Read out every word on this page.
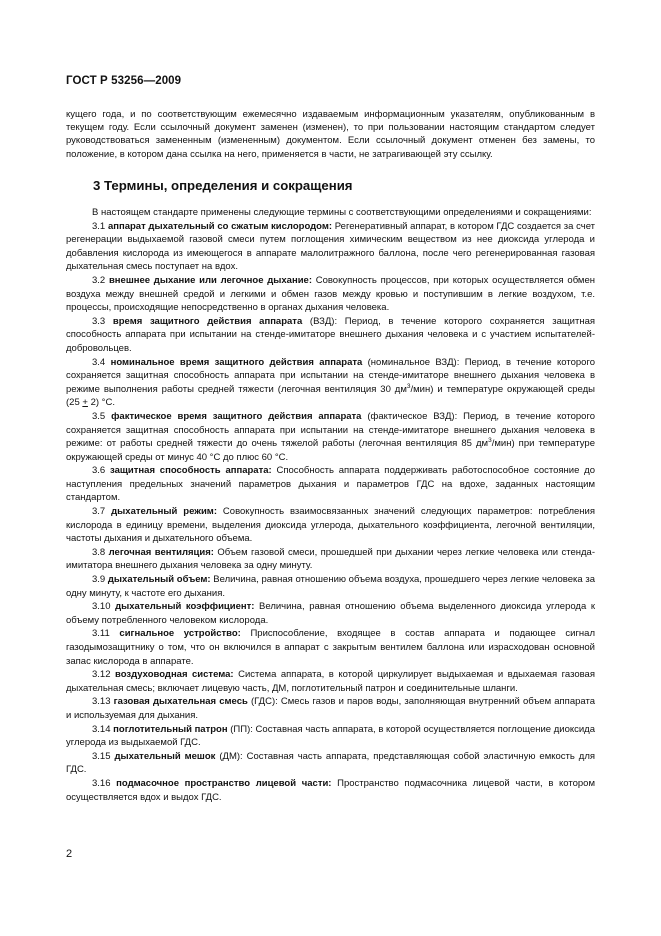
ГОСТ Р 53256—2009

кущего года, и по соответствующим ежемесячно издаваемым информационным указателям, опубликованным в текущем году. Если ссылочный документ заменен (изменен), то при пользовании настоящим стандартом следует руководствоваться замененным (измененным) документом. Если ссылочный документ отменен без замены, то положение, в котором дана ссылка на него, применяется в части, не затрагивающей эту ссылку.

3 Термины, определения и сокращения

В настоящем стандарте применены следующие термины с соответствующими определениями и сокращениями:

3.1 аппарат дыхательный со сжатым кислородом: Регенеративный аппарат, в котором ГДС создается за счет регенерации выдыхаемой газовой смеси путем поглощения химическим веществом из нее диоксида углерода и добавления кислорода из имеющегося в аппарате малолитражного баллона, после чего регенерированная газовая дыхательная смесь поступает на вдох.

3.2 внешнее дыхание или легочное дыхание: Совокупность процессов, при которых осуществляется обмен воздуха между внешней средой и легкими и обмен газов между кровью и поступившим в легкие воздухом, т.е. процессы, происходящие непосредственно в органах дыхания человека.

3.3 время защитного действия аппарата (ВЗД): Период, в течение которого сохраняется защитная способность аппарата при испытании на стенде-имитаторе внешнего дыхания человека и с участием испытателей-добровольцев.

3.4 номинальное время защитного действия аппарата (номинальное ВЗД): Период, в течение которого сохраняется защитная способность аппарата при испытании на стенде-имитаторе внешнего дыхания человека в режиме выполнения работы средней тяжести (легочная вентиляция 30 $дм^3/мин$) и температуре окружающей среды (25 + 2) °С.

3.5 фактическое время защитного действия аппарата (фактическое ВЗД): Период, в течение которого сохраняется защитная способность аппарата при испытании на стенде-имитаторе внешнего дыхания человека в режиме: от работы средней тяжести до очень тяжелой работы (легочная вентиляция 85 $дм^3/мин$) при температуре окружающей среды от минус 40 °С до плюс 60 °С.

3.6 защитная способность аппарата: Способность аппарата поддерживать работоспособное состояние до наступления предельных значений параметров дыхания и параметров ГДС на вдохе, заданных настоящим стандартом.

3.7 дыхательный режим: Совокупность взаимосвязанных значений следующих параметров: потребления кислорода в единицу времени, выделения диоксида углерода, дыхательного коэффициента, легочной вентиляции, частоты дыхания и дыхательного объема.

3.8 легочная вентиляция: Объем газовой смеси, прошедшей при дыхании через легкие человека или стенда-имитатора внешнего дыхания человека за одну минуту.

3.9 дыхательный объем: Величина, равная отношению объема воздуха, прошедшего через легкие человека за одну минуту, к частоте его дыхания.

3.10 дыхательный коэффициент: Величина, равная отношению объема выделенного диоксида углерода к объему потребленного человеком кислорода.

3.11 сигнальное устройство: Приспособление, входящее в состав аппарата и подающее сигнал газодымозащитнику о том, что он включился в аппарат с закрытым вентилем баллона или израсходован основной запас кислорода в аппарате.

3.12 воздуховодная система: Система аппарата, в которой циркулирует выдыхаемая и вдыхаемая газовая дыхательная смесь; включает лицевую часть, ДМ, поглотительный патрон и соединительные шланги.

3.13 газовая дыхательная смесь (ГДС): Смесь газов и паров воды, заполняющая внутренний объем аппарата и используемая для дыхания.

3.14 поглотительный патрон (ПП): Составная часть аппарата, в которой осуществляется поглощение диоксида углерода из выдыхаемой ГДС.

3.15 дыхательный мешок (ДМ): Составная часть аппарата, представляющая собой эластичную емкость для ГДС.

3.16 подмасочное пространство лицевой части: Пространство подмасочника лицевой части, в котором осуществляется вдох и выдох ГДС.

2
